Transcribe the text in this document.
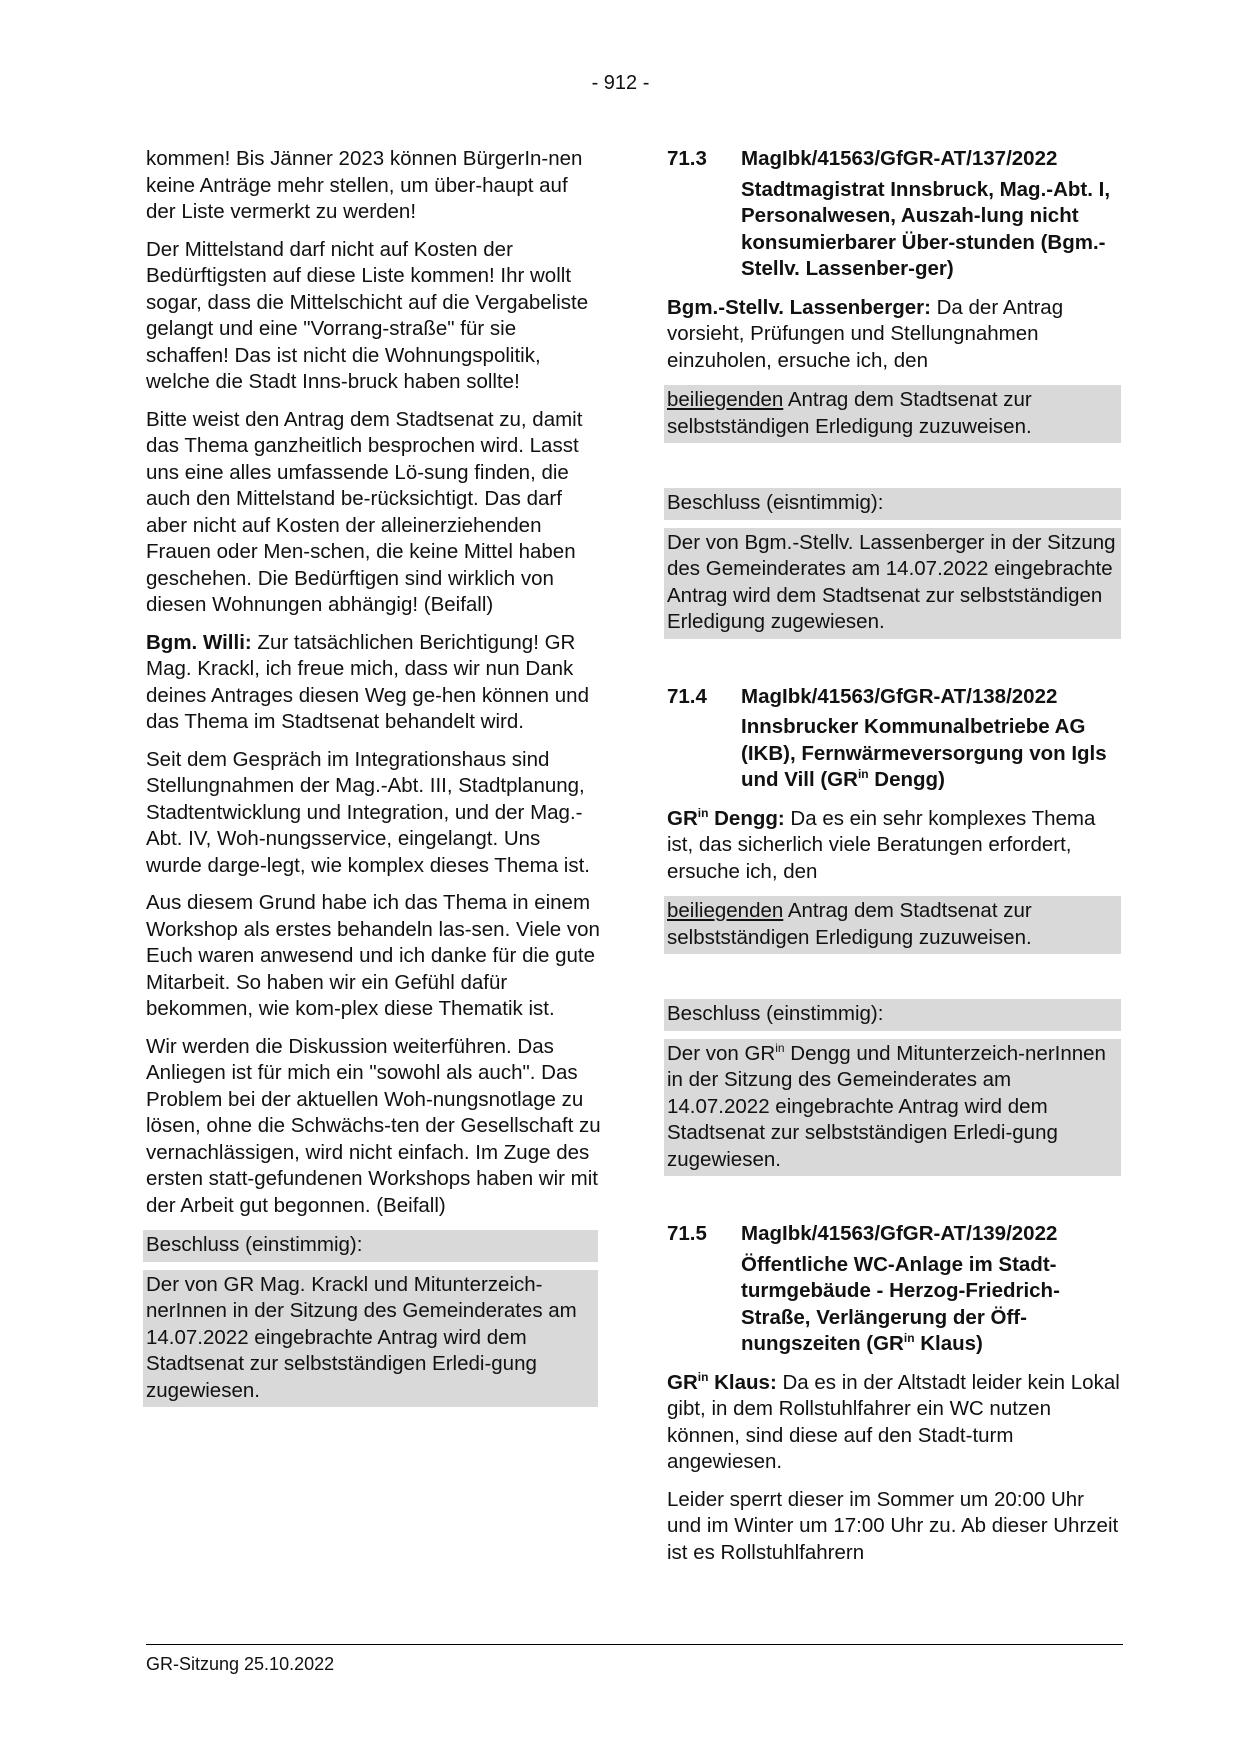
- 912 -

kommen! Bis Jänner 2023 können BürgerIn-nen keine Anträge mehr stellen, um über-haupt auf der Liste vermerkt zu werden!

Der Mittelstand darf nicht auf Kosten der Bedürftigsten auf diese Liste kommen! Ihr wollt sogar, dass die Mittelschicht auf die Vergabeliste gelangt und eine "Vorrang-straße" für sie schaffen! Das ist nicht die Wohnungspolitik, welche die Stadt Inns-bruck haben sollte!

Bitte weist den Antrag dem Stadtsenat zu, damit das Thema ganzheitlich besprochen wird. Lasst uns eine alles umfassende Lö-sung finden, die auch den Mittelstand be-rücksichtigt. Das darf aber nicht auf Kosten der alleinerziehenden Frauen oder Men-schen, die keine Mittel haben geschehen. Die Bedürftigen sind wirklich von diesen Wohnungen abhängig! (Beifall)

Bgm. Willi: Zur tatsächlichen Berichtigung! GR Mag. Krackl, ich freue mich, dass wir nun Dank deines Antrages diesen Weg ge-hen können und das Thema im Stadtsenat behandelt wird.

Seit dem Gespräch im Integrationshaus sind Stellungnahmen der Mag.-Abt. III, Stadtplanung, Stadtentwicklung und Integration, und der Mag.-Abt. IV, Woh-nungsservice, eingelangt. Uns wurde darge-legt, wie komplex dieses Thema ist.

Aus diesem Grund habe ich das Thema in einem Workshop als erstes behandeln las-sen. Viele von Euch waren anwesend und ich danke für die gute Mitarbeit. So haben wir ein Gefühl dafür bekommen, wie kom-plex diese Thematik ist.

Wir werden die Diskussion weiterführen. Das Anliegen ist für mich ein "sowohl als auch". Das Problem bei der aktuellen Woh-nungsnotlage zu lösen, ohne die Schwächs-ten der Gesellschaft zu vernachlässigen, wird nicht einfach. Im Zuge des ersten statt-gefundenen Workshops haben wir mit der Arbeit gut begonnen. (Beifall)

Beschluss (einstimmig):
Der von GR Mag. Krackl und Mitunterzeich-nerInnen in der Sitzung des Gemeinderates am 14.07.2022 eingebrachte Antrag wird dem Stadtsenat zur selbstständigen Erledi-gung zugewiesen.
71.3	MagIbk/41563/GfGR-AT/137/2022
Stadtmagistrat Innsbruck, Mag.-Abt. I, Personalwesen, Auszah-lung nicht konsumierbarer Über-stunden (Bgm.-Stellv. Lassenber-ger)

Bgm.-Stellv. Lassenberger: Da der Antrag vorsieht, Prüfungen und Stellungnahmen einzuholen, ersuche ich, den

beiliegenden Antrag dem Stadtsenat zur selbstständigen Erledigung zuzuweisen.
Beschluss (eisntimmig):
Der von Bgm.-Stellv. Lassenberger in der Sitzung des Gemeinderates am 14.07.2022 eingebrachte Antrag wird dem Stadtsenat zur selbstständigen Erledigung zugewiesen.
71.4	MagIbk/41563/GfGR-AT/138/2022
Innsbrucker Kommunalbetriebe AG (IKB), Fernwärmeversorgung von Igls und Vill ($GR^{in}$ Dengg)

$GR^{in}$ Dengg: Da es ein sehr komplexes Thema ist, das sicherlich viele Beratungen erfordert, ersuche ich, den

beiliegenden Antrag dem Stadtsenat zur selbstständigen Erledigung zuzuweisen.
Beschluss (einstimmig):
Der von $GR^{in}$ Dengg und Mitunterzeich-nerInnen in der Sitzung des Gemeinderates am 14.07.2022 eingebrachte Antrag wird dem Stadtsenat zur selbstständigen Erledi-gung zugewiesen.
71.5	MagIbk/41563/GfGR-AT/139/2022
Öffentliche WC-Anlage im Stadt-turmgebäude - Herzog-Friedrich-Straße, Verlängerung der Öff-nungszeiten ($GR^{in}$ Klaus)

$GR^{in}$ Klaus: Da es in der Altstadt leider kein Lokal gibt, in dem Rollstuhlfahrer ein WC nutzen können, sind diese auf den Stadt-turm angewiesen.

Leider sperrt dieser im Sommer um 20:00 Uhr und im Winter um 17:00 Uhr zu. Ab dieser Uhrzeit ist es Rollstuhlfahrern

GR-Sitzung 25.10.2022
